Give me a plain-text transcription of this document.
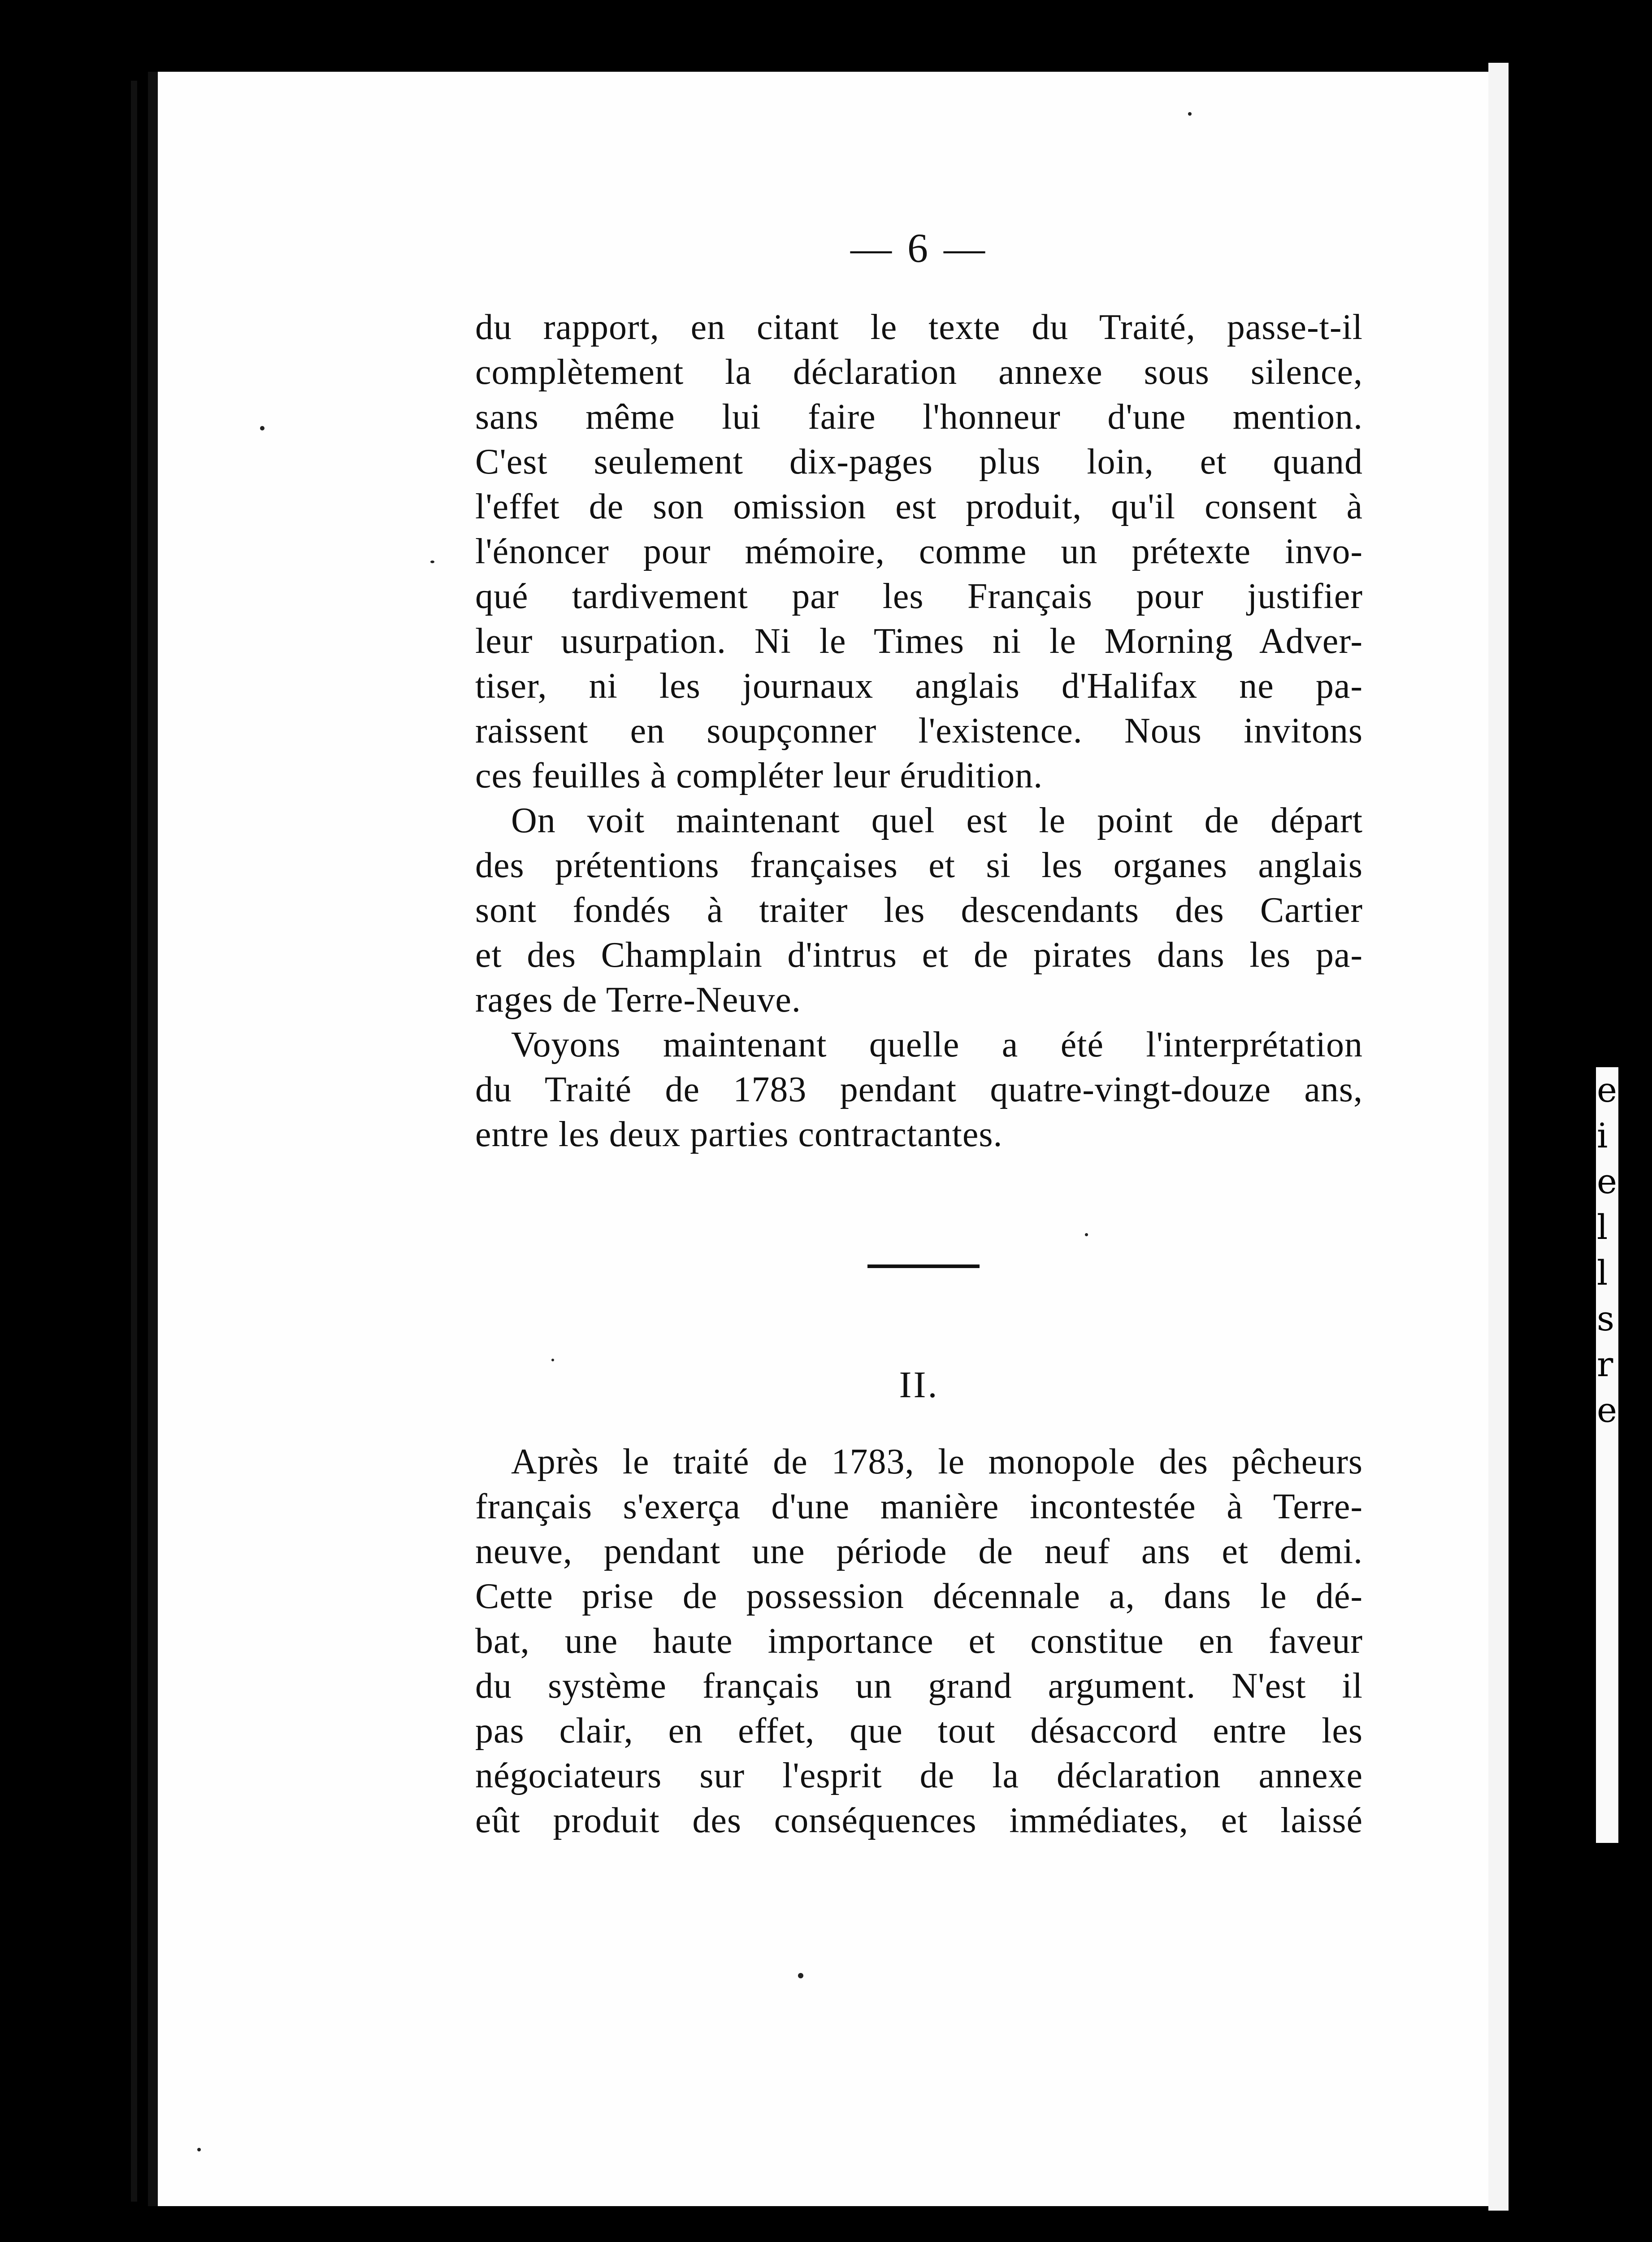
e
i
e
l
l
s
r
e
— 6 —
du rapport, en citant le texte du Traité, passe-t-il
complètement la déclaration annexe sous silence,
sans même lui faire l'honneur d'une mention.
C'est seulement dix-pages plus loin, et quand
l'effet de son omission est produit, qu'il consent à
l'énoncer pour mémoire, comme un prétexte invo-
qué tardivement par les Français pour justifier
leur usurpation. Ni le Times ni le Morning Adver-
tiser, ni les journaux anglais d'Halifax ne pa-
raissent en soupçonner l'existence. Nous invitons
ces feuilles à compléter leur érudition.
On voit maintenant quel est le point de départ
des prétentions françaises et si les organes anglais
sont fondés à traiter les descendants des Cartier
et des Champlain d'intrus et de pirates dans les pa-
rages de Terre-Neuve.
Voyons maintenant quelle a été l'interprétation
du Traité de 1783 pendant quatre-vingt-douze ans,
entre les deux parties contractantes.
II.
Après le traité de 1783, le monopole des pêcheurs
français s'exerça d'une manière incontestée à Terre-
neuve, pendant une période de neuf ans et demi.
Cette prise de possession décennale a, dans le dé-
bat, une haute importance et constitue en faveur
du système français un grand argument. N'est il
pas clair, en effet, que tout désaccord entre les
négociateurs sur l'esprit de la déclaration annexe
eût produit des conséquences immédiates, et laissé
